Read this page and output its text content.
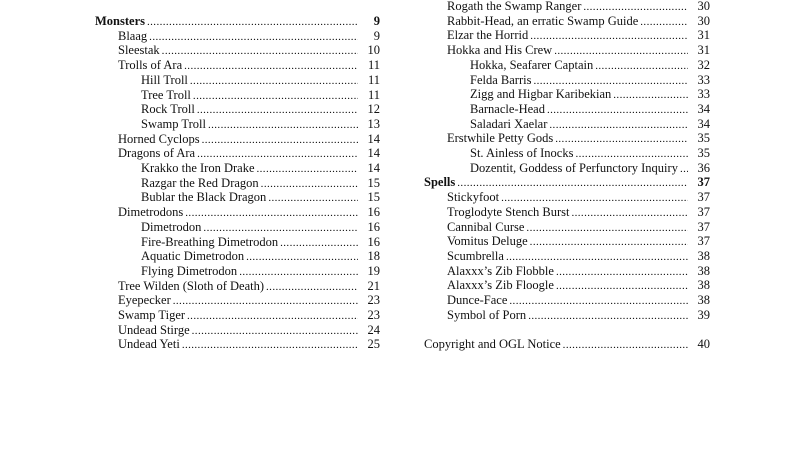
Monsters .....	9
Blaag .....	9
Sleestak .....	10
Trolls of Ara .....	11
Hill Troll .....	11
Tree Troll .....	11
Rock Troll .....	12
Swamp Troll .....	13
Horned Cyclops .....	14
Dragons of Ara .....	14
Krakko the Iron Drake .....	14
Razgar the Red Dragon .....	15
Bublar the Black Dragon .....	15
Dimetrodons .....	16
Dimetrodon .....	16
Fire-Breathing Dimetrodon .....	16
Aquatic Dimetrodon .....	18
Flying Dimetrodon .....	19
Tree Wilden (Sloth of Death) .....	21
Eyepecker .....	23
Swamp Tiger .....	23
Undead Stirge .....	24
Undead Yeti .....	25
Rogath the Swamp Ranger .....	30
Rabbit-Head, an erratic Swamp Guide .....	30
Elzar the Horrid .....	31
Hokka and His Crew .....	31
Hokka, Seafarer Captain .....	32
Felda Barris .....	33
Zigg and Higbar Karibekian .....	33
Barnacle-Head .....	34
Saladari Xaelar .....	34
Erstwhile Petty Gods .....	35
St. Ainless of Inocks .....	35
Dozentit, Goddess of Perfunctory Inquiry .....	36
Spells .....	37
Stickyfoot .....	37
Troglodyte Stench Burst .....	37
Cannibal Curse .....	37
Vomitus Deluge .....	37
Scumbrella .....	38
Alaxxx’s Zib Flobble .....	38
Alaxxx’s Zib Floogle .....	38
Dunce-Face .....	38
Symbol of Porn .....	39
Copyright and OGL Notice .....	40
